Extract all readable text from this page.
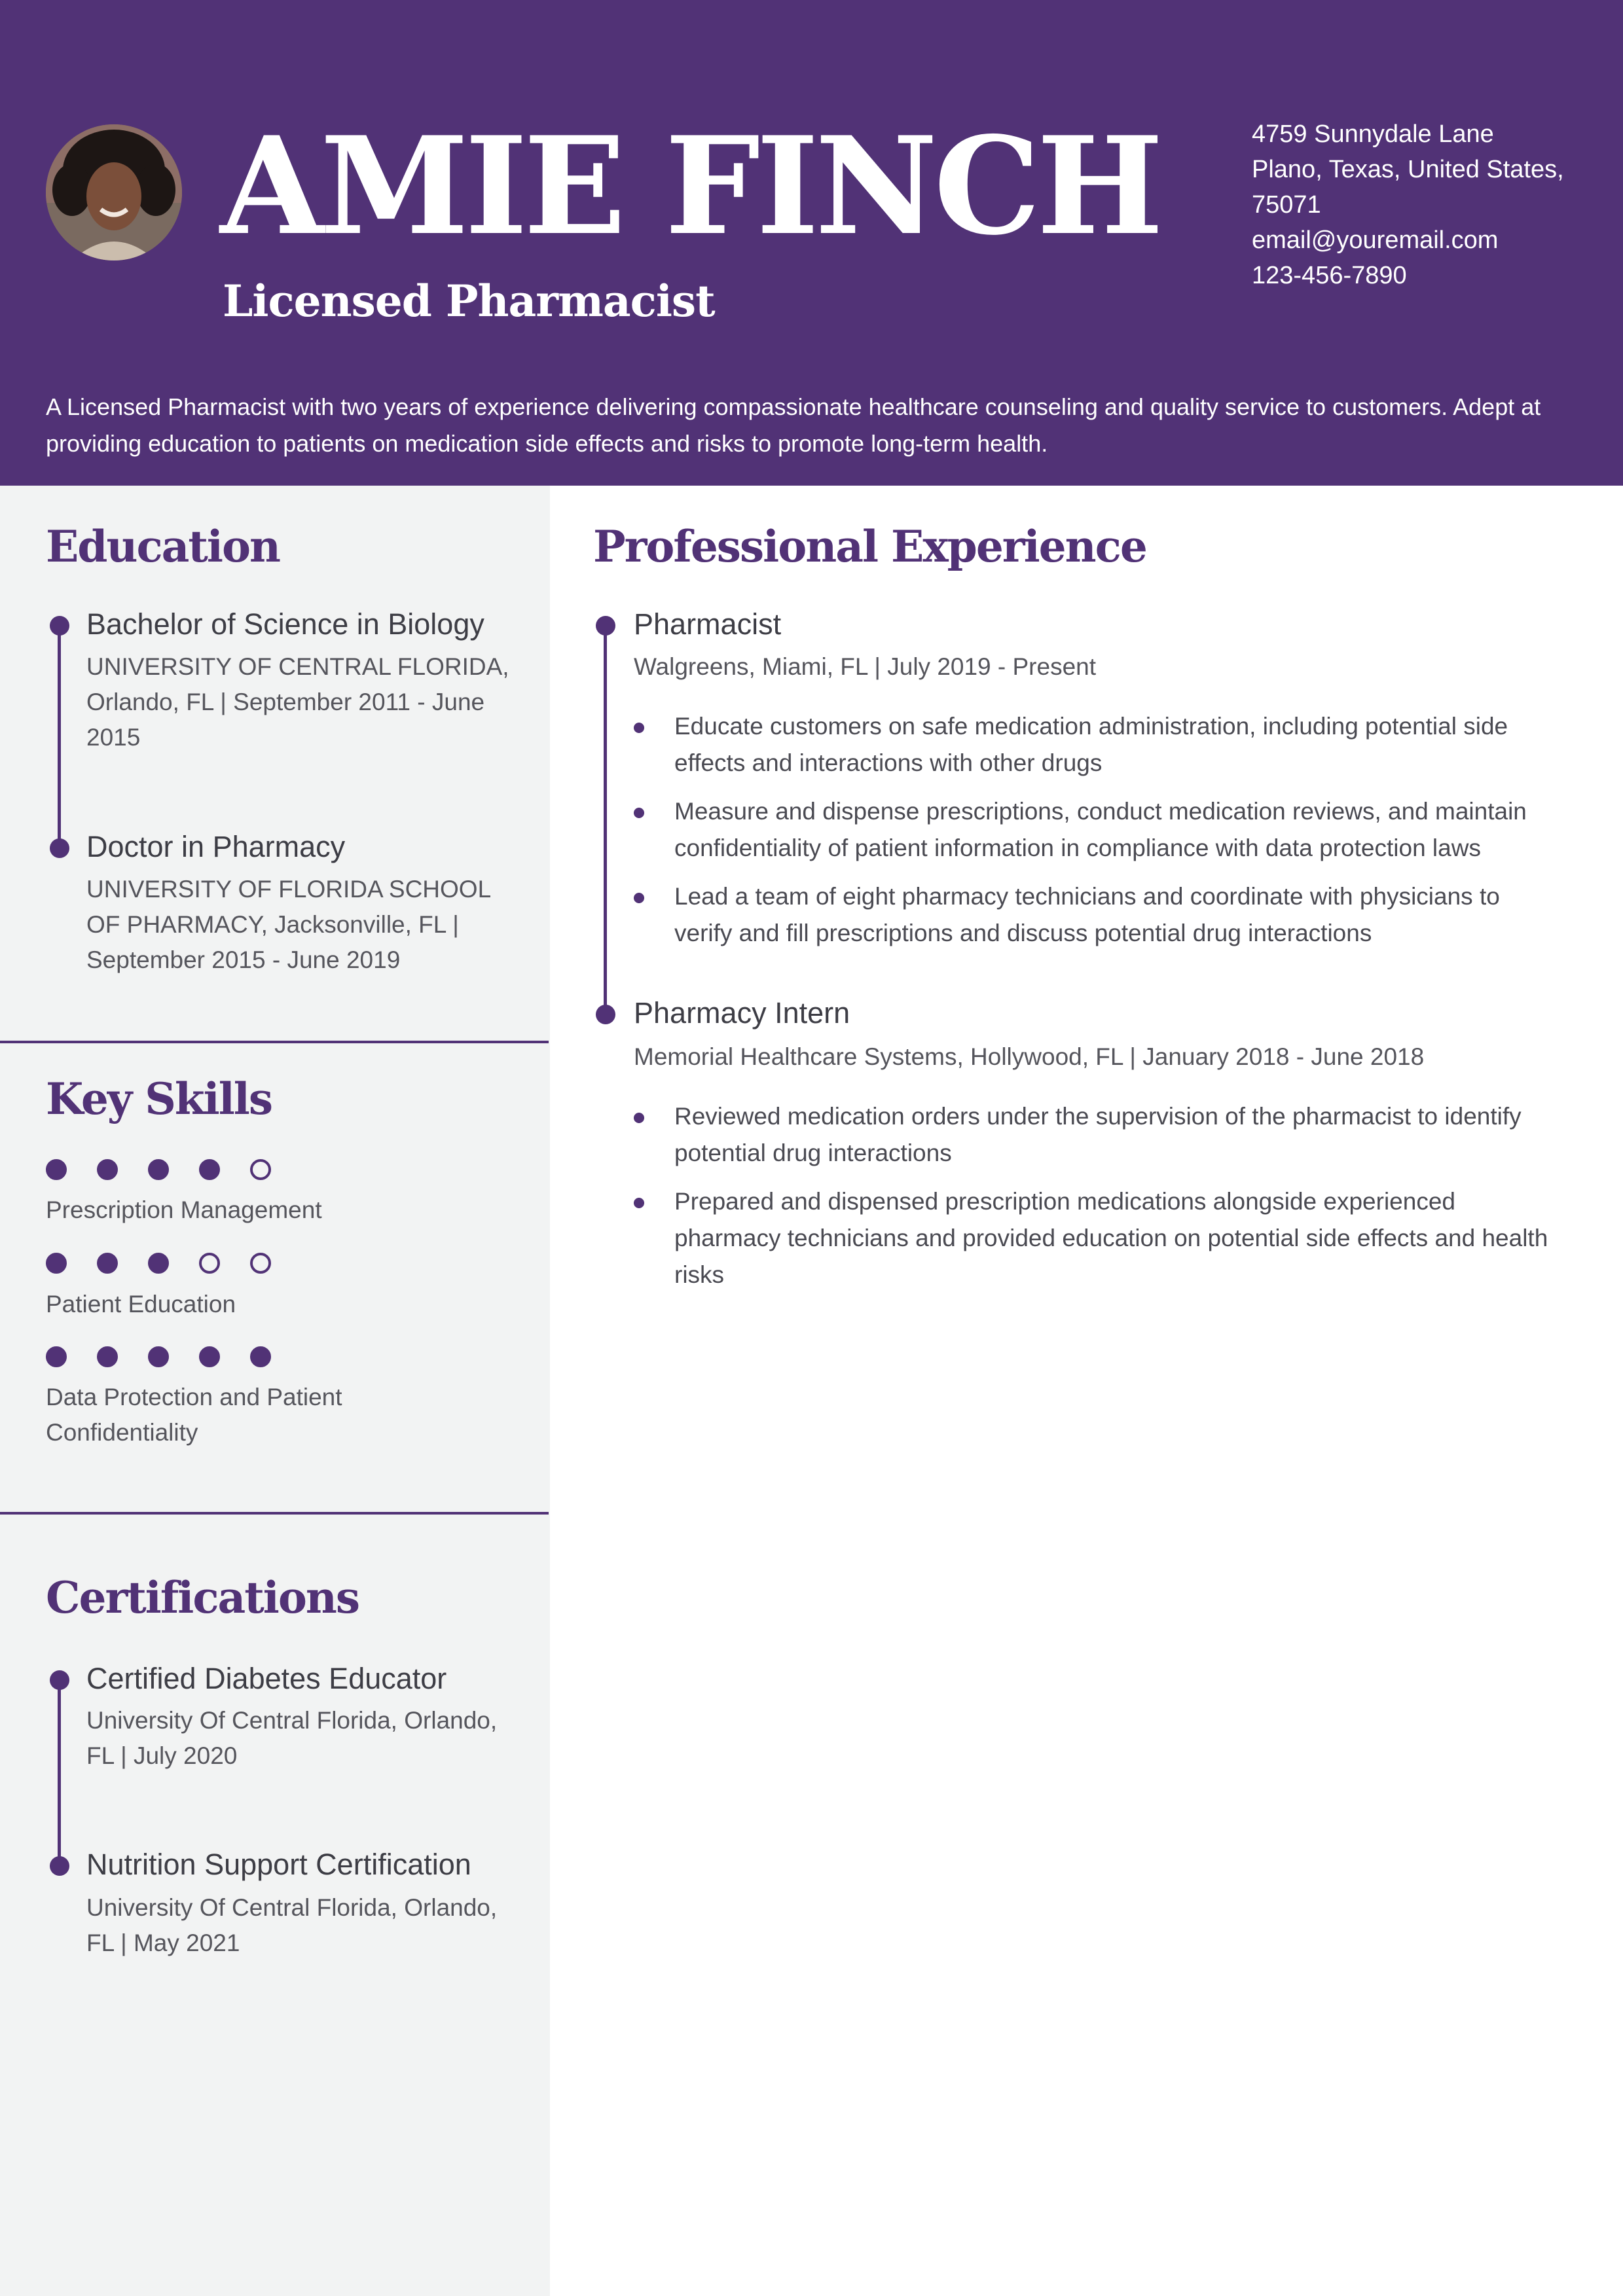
AMIE FINCH
Licensed Pharmacist
4759 Sunnydale Lane
Plano, Texas, United States,
75071
email@youremail.com
123-456-7890

A Licensed Pharmacist with two years of experience delivering compassionate healthcare counseling and quality service to customers. Adept at providing education to patients on medication side effects and risks to promote long-term health.

Education

Bachelor of Science in Biology

UNIVERSITY OF CENTRAL FLORIDA, Orlando, FL | September 2011 - June 2015

Doctor in Pharmacy

UNIVERSITY OF FLORIDA SCHOOL OF PHARMACY, Jacksonville, FL | September 2015 - June 2019

Key Skills

Prescription Management

Patient Education

Data Protection and Patient Confidentiality

Certifications

Certified Diabetes Educator

University Of Central Florida, Orlando, FL | July 2020

Nutrition Support Certification

University Of Central Florida, Orlando, FL | May 2021

Professional Experience

Pharmacist

Walgreens, Miami, FL | July 2019 - Present

Educate customers on safe medication administration, including potential side effects and interactions with other drugs
Measure and dispense prescriptions, conduct medication reviews, and maintain confidentiality of patient information in compliance with data protection laws
Lead a team of eight pharmacy technicians and coordinate with physicians to verify and fill prescriptions and discuss potential drug interactions

Pharmacy Intern

Memorial Healthcare Systems, Hollywood, FL | January 2018 - June 2018

Reviewed medication orders under the supervision of the pharmacist to identify potential drug interactions
Prepared and dispensed prescription medications alongside experienced pharmacy technicians and provided education on potential side effects and health risks
